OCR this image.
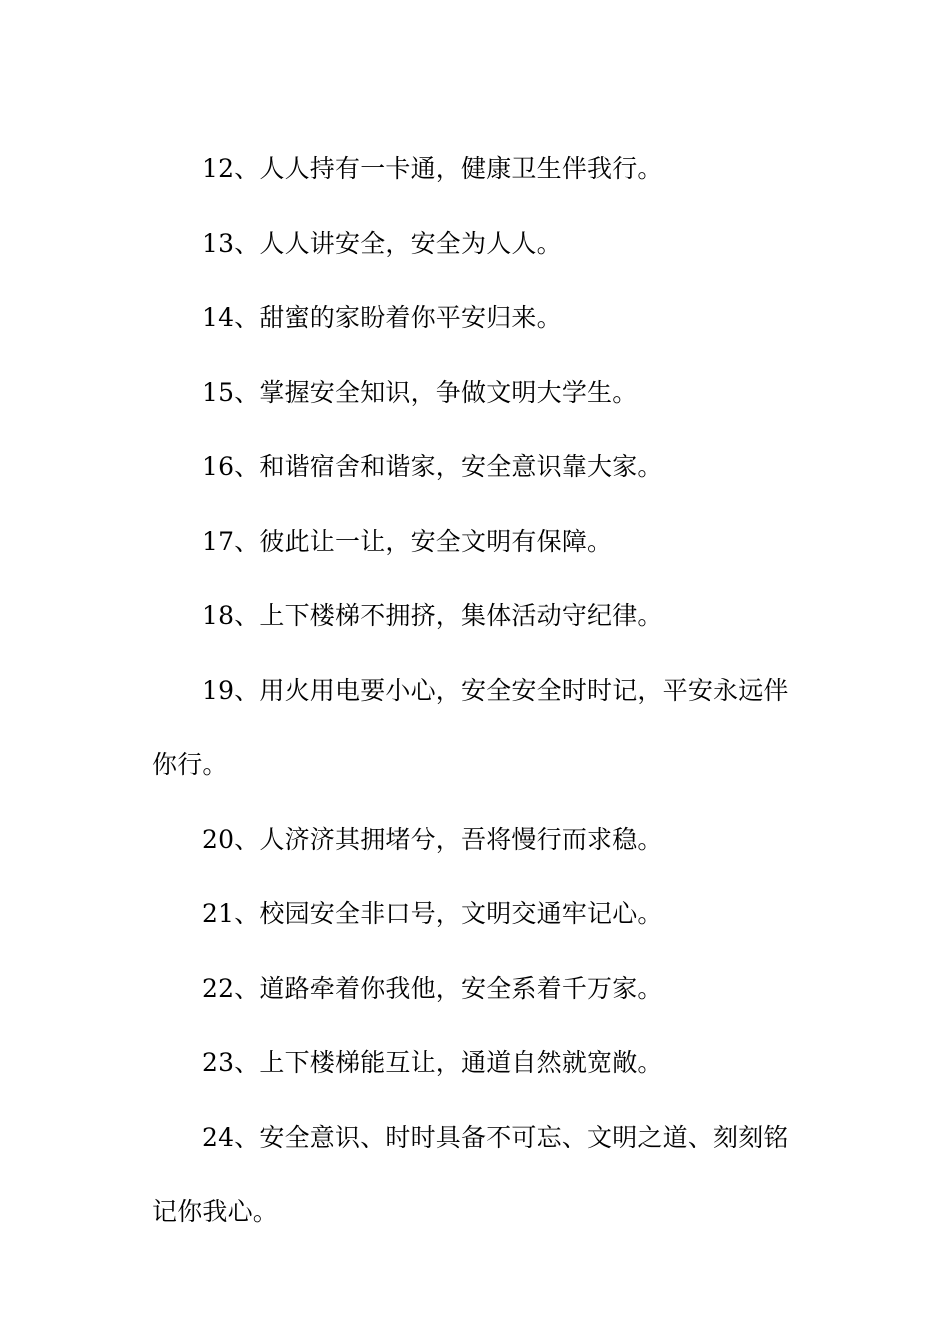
12、人人持有一卡通，健康卫生伴我行。

13、人人讲安全，安全为人人。

14、甜蜜的家盼着你平安归来。

15、掌握安全知识，争做文明大学生。

16、和谐宿舍和谐家，安全意识靠大家。

17、彼此让一让，安全文明有保障。

18、上下楼梯不拥挤，集体活动守纪律。

19、用火用电要小心，安全安全时时记，平安永远伴你行。

20、人济济其拥堵兮，吾将慢行而求稳。

21、校园安全非口号，文明交通牢记心。

22、道路牵着你我他，安全系着千万家。

23、上下楼梯能互让，通道自然就宽敞。

24、安全意识、时时具备不可忘、文明之道、刻刻铭记你我心。
